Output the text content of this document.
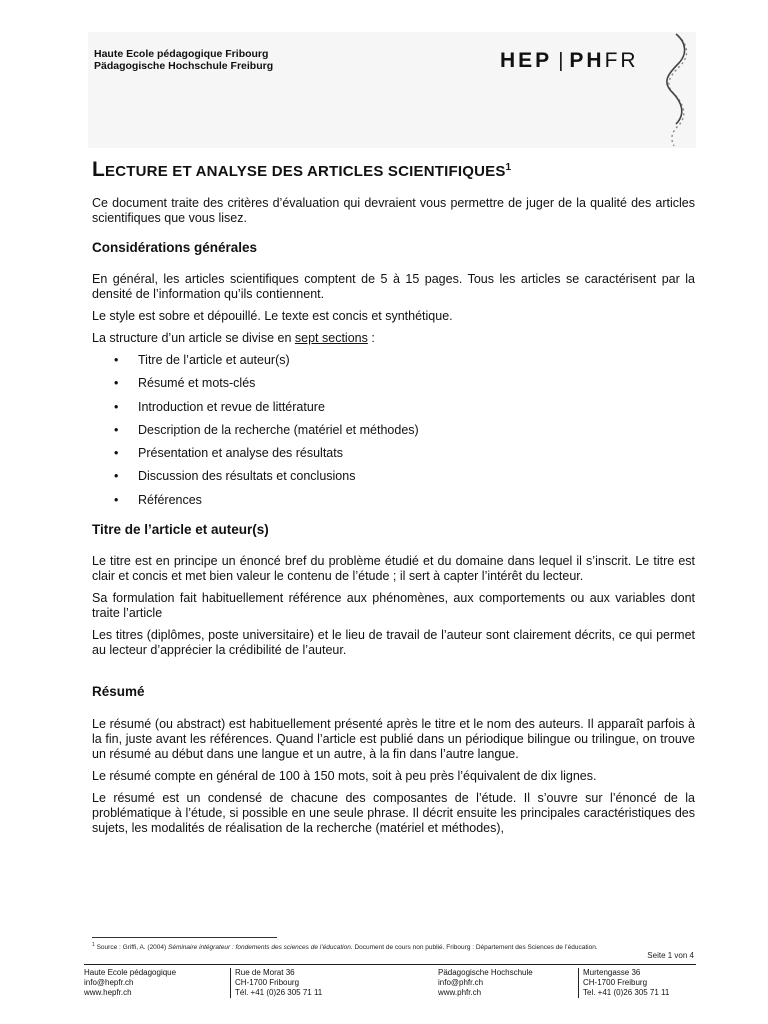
Haute Ecole pédagogique Fribourg
Pädagogische Hochschule Freiburg	HEP | PHFR
LECTURE ET ANALYSE DES ARTICLES SCIENTIFIQUES$^1$

Ce document traite des critères d’évaluation qui devraient vous permettre de juger de la qualité des articles scientifiques que vous lisez.

Considérations générales

En général, les articles scientifiques comptent de 5 à 15 pages. Tous les articles se caractérisent par la densité de l’information qu’ils contiennent.

Le style est sobre et dépouillé. Le texte est concis et synthétique.

La structure d’un article se divise en sept sections :

• Titre de l’article et auteur(s)
• Résumé et mots-clés
• Introduction et revue de littérature
• Description de la recherche (matériel et méthodes)
• Présentation et analyse des résultats
• Discussion des résultats et conclusions
• Références
Titre de l’article et auteur(s)

Le titre est en principe un énoncé bref du problème étudié et du domaine dans lequel il s’inscrit. Le titre est clair et concis et met bien valeur le contenu de l’étude ; il sert à capter l’intérêt du lecteur.

Sa formulation fait habituellement référence aux phénomènes, aux comportements ou aux variables dont traite l’article

Les titres (diplômes, poste universitaire) et le lieu de travail de l’auteur sont clairement décrits, ce qui permet au lecteur d’apprécier la crédibilité de l’auteur.

Résumé

Le résumé (ou abstract) est habituellement présenté après le titre et le nom des auteurs. Il apparaît parfois à la fin, juste avant les références. Quand l’article est publié dans un périodique bilingue ou trilingue, on trouve un résumé au début dans une langue et un autre, à la fin dans l’autre langue.

Le résumé compte en général de 100 à 150 mots, soit à peu près l’équivalent de dix lignes.

Le résumé est un condensé de chacune des composantes de l’étude. Il s’ouvre sur l’énoncé de la problématique à l’étude, si possible en une seule phrase. Il décrit ensuite les principales caractéristiques des sujets, les modalités de réalisation de la recherche (matériel et méthodes),

$^1$ Source : Griffi, A. (2004) Séminaire intégrateur : fondements des sciences de l’éducation. Document de cours non publié. Fribourg : Département des Sciences de l’éducation.
Seite 1 von 4
Haute Ecole pédagogique
info@hepfr.ch
www.hepfr.ch
Rue de Morat 36
CH-1700 Fribourg
Tél. +41 (0)26 305 71 11
Pädagogische Hochschule
info@phfr.ch
www.phfr.ch
Murtengasse 36
CH-1700 Freiburg
Tel. +41 (0)26 305 71 11
